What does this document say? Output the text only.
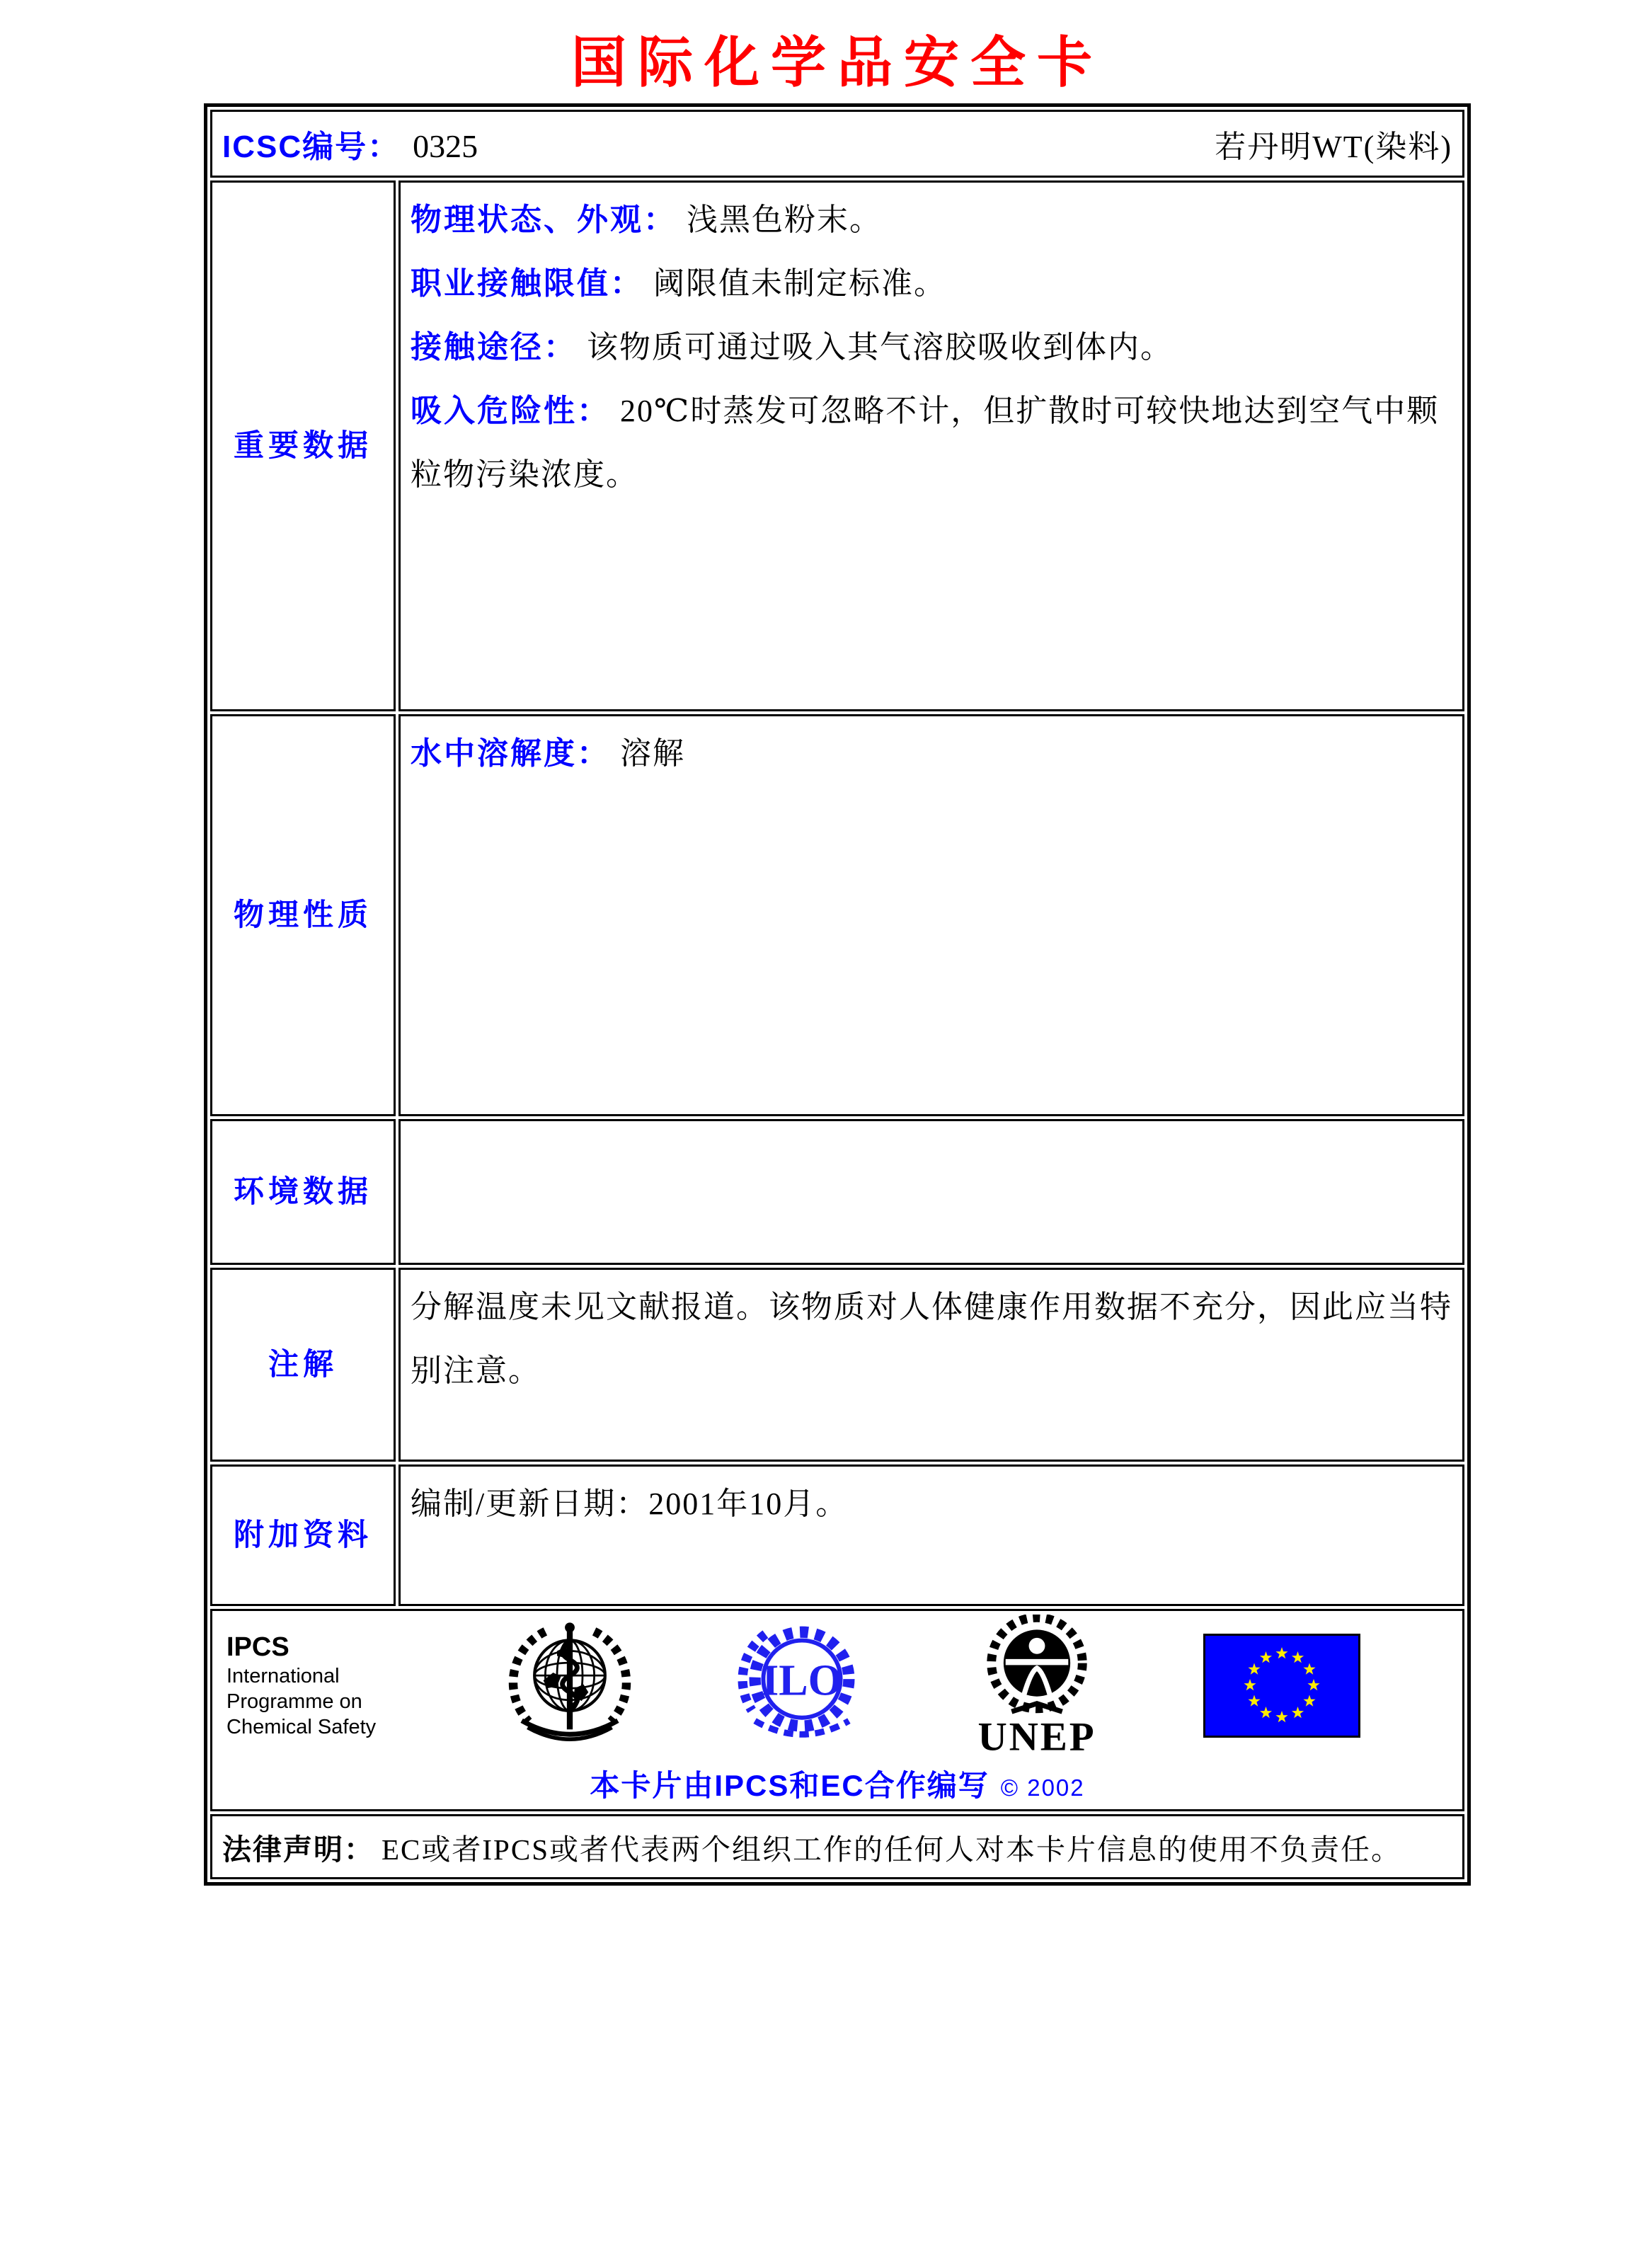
国际化学品安全卡
ICSC编号： 0325 若丹明WT(染料)	

重要数据	物理状态、外观： 浅黑色粉末。
职业接触限值： 阈限值未制定标准。
接触途径： 该物质可通过吸入其气溶胶吸收到体内。
吸入危险性： 20℃时蒸发可忽略不计，但扩散时可较快地达到空气中颗粒物污染浓度。

物理性质	水中溶解度： 溶解

环境数据	
注解	分解温度未见文献报道。该物质对人体健康作用数据不充分，因此应当特别注意。

附加资料	编制/更新日期：2001年10月。

IPCS
International
Programme on
Chemical Safety
ILO
UNEP
本卡片由IPCS和EC合作编写 © 2002

法律声明： EC或者IPCS或者代表两个组织工作的任何人对本卡片信息的使用不负责任。	
